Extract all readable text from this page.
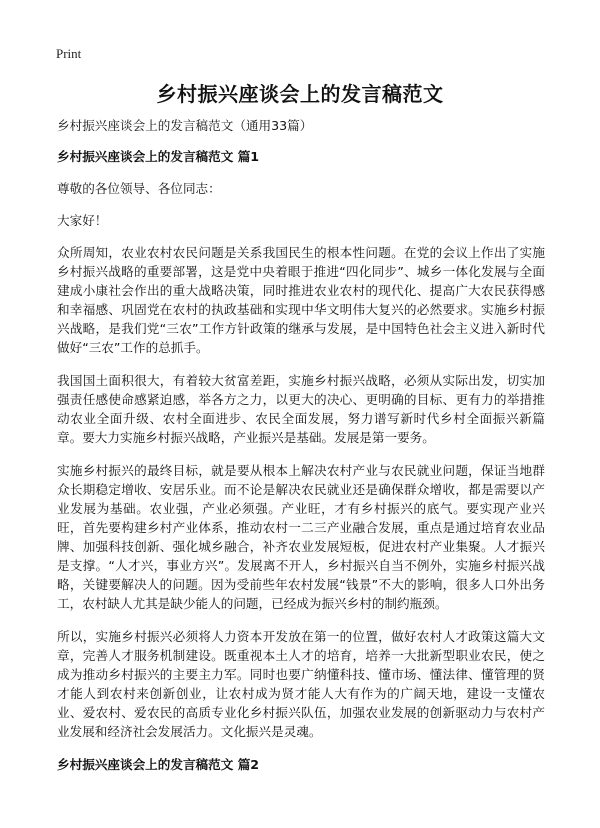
Print
乡村振兴座谈会上的发言稿范文

乡村振兴座谈会上的发言稿范文（通用33篇）

乡村振兴座谈会上的发言稿范文 篇1

尊敬的各位领导、各位同志：

大家好！

众所周知，农业农村农民问题是关系我国民生的根本性问题。在党的会议上作出了实施乡村振兴战略的重要部署，这是党中央着眼于推进“四化同步”、城乡一体化发展与全面建成小康社会作出的重大战略决策，同时推进农业农村的现代化、提高广大农民获得感和幸福感、巩固党在农村的执政基础和实现中华文明伟大复兴的必然要求。实施乡村振兴战略，是我们党“三农”工作方针政策的继承与发展，是中国特色社会主义进入新时代做好“三农”工作的总抓手。

我国国土面积很大，有着较大贫富差距，实施乡村振兴战略，必须从实际出发，切实加强责任感使命感紧迫感，举各方之力，以更大的决心、更明确的目标、更有力的举措推动农业全面升级、农村全面进步、农民全面发展，努力谱写新时代乡村全面振兴新篇章。要大力实施乡村振兴战略，产业振兴是基础。发展是第一要务。

实施乡村振兴的最终目标，就是要从根本上解决农村产业与农民就业问题，保证当地群众长期稳定增收、安居乐业。而不论是解决农民就业还是确保群众增收，都是需要以产业发展为基础。农业强，产业必须强。产业旺，才有乡村振兴的底气。要实现产业兴旺，首先要构建乡村产业体系，推动农村一二三产业融合发展，重点是通过培育农业品牌、加强科技创新、强化城乡融合，补齐农业发展短板，促进农村产业集聚。人才振兴是支撑。“人才兴，事业方兴”。发展离不开人，乡村振兴自当不例外，实施乡村振兴战略，关键要解决人的问题。因为受前些年农村发展“钱景”不大的影响，很多人口外出务工，农村缺人尤其是缺少能人的问题，已经成为振兴乡村的制约瓶颈。

所以，实施乡村振兴必须将人力资本开发放在第一的位置，做好农村人才政策这篇大文章，完善人才服务机制建设。既重视本土人才的培育，培养一大批新型职业农民，使之成为推动乡村振兴的主要主力军。同时也要广纳懂科技、懂市场、懂法律、懂管理的贤才能人到农村来创新创业，让农村成为贤才能人大有作为的广阔天地，建设一支懂农业、爱农村、爱农民的高质专业化乡村振兴队伍，加强农业发展的创新驱动力与农村产业发展和经济社会发展活力。文化振兴是灵魂。

乡村振兴座谈会上的发言稿范文 篇2
